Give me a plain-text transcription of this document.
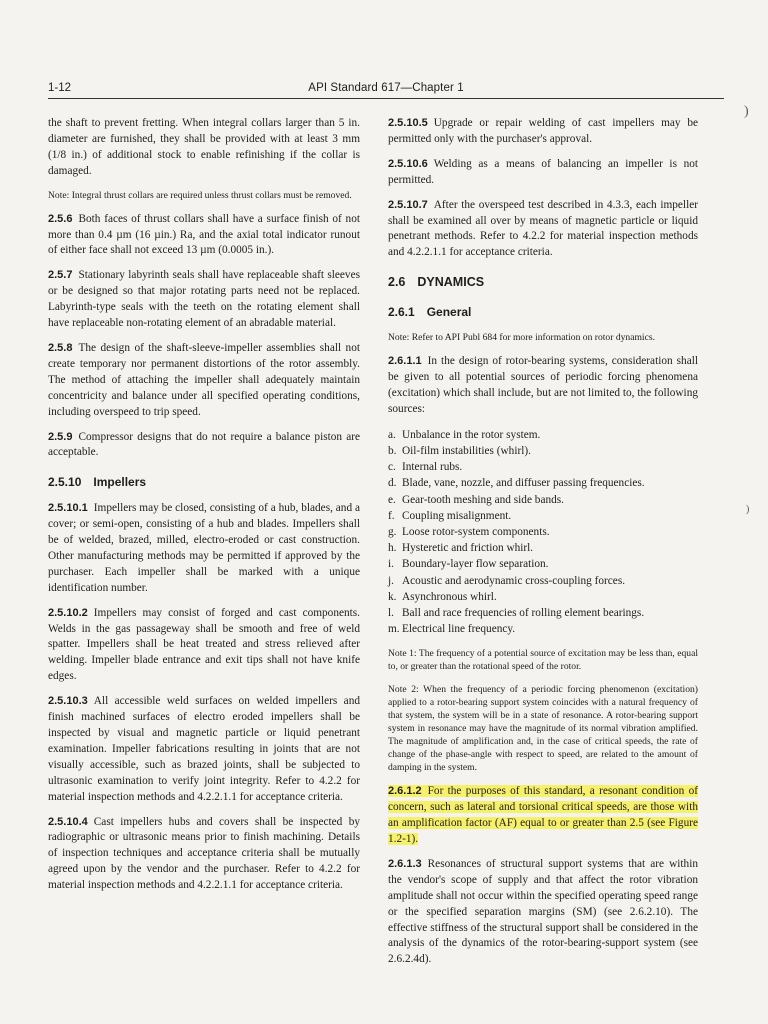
1-12	API Standard 617—Chapter 1

the shaft to prevent fretting. When integral collars larger than 5 in. diameter are furnished, they shall be provided with at least 3 mm (1/8 in.) of additional stock to enable refinishing if the collar is damaged.

Note: Integral thrust collars are required unless thrust collars must be removed.

2.5.6 Both faces of thrust collars shall have a surface finish of not more than 0.4 µm (16 µin.) Ra, and the axial total indicator runout of either face shall not exceed 13 µm (0.0005 in.).

2.5.7 Stationary labyrinth seals shall have replaceable shaft sleeves or be designed so that major rotating parts need not be replaced. Labyrinth-type seals with the teeth on the rotating element shall have replaceable non-rotating element of an abradable material.

2.5.8 The design of the shaft-sleeve-impeller assemblies shall not create temporary nor permanent distortions of the rotor assembly. The method of attaching the impeller shall adequately maintain concentricity and balance under all specified operating conditions, including overspeed to trip speed.

2.5.9 Compressor designs that do not require a balance piston are acceptable.

2.5.10 Impellers

2.5.10.1 Impellers may be closed, consisting of a hub, blades, and a cover; or semi-open, consisting of a hub and blades. Impellers shall be of welded, brazed, milled, electro-eroded or cast construction. Other manufacturing methods may be permitted if approved by the purchaser. Each impeller shall be marked with a unique identification number.

2.5.10.2 Impellers may consist of forged and cast components. Welds in the gas passageway shall be smooth and free of weld spatter. Impellers shall be heat treated and stress relieved after welding. Impeller blade entrance and exit tips shall not have knife edges.

2.5.10.3 All accessible weld surfaces on welded impellers and finish machined surfaces of electro eroded impellers shall be inspected by visual and magnetic particle or liquid penetrant examination. Impeller fabrications resulting in joints that are not visually accessible, such as brazed joints, shall be subjected to ultrasonic examination to verify joint integrity. Refer to 4.2.2 for material inspection methods and 4.2.2.1.1 for acceptance criteria.

2.5.10.4 Cast impellers hubs and covers shall be inspected by radiographic or ultrasonic means prior to finish machining. Details of inspection techniques and acceptance criteria shall be mutually agreed upon by the vendor and the purchaser. Refer to 4.2.2 for material inspection methods and 4.2.2.1.1 for acceptance criteria.

2.5.10.5 Upgrade or repair welding of cast impellers may be permitted only with the purchaser's approval.

2.5.10.6 Welding as a means of balancing an impeller is not permitted.

2.5.10.7 After the overspeed test described in 4.3.3, each impeller shall be examined all over by means of magnetic particle or liquid penetrant methods. Refer to 4.2.2 for material inspection methods and 4.2.2.1.1 for acceptance criteria.

2.6 DYNAMICS
2.6.1 General

Note: Refer to API Publ 684 for more information on rotor dynamics.

2.6.1.1 In the design of rotor-bearing systems, consideration shall be given to all potential sources of periodic forcing phenomena (excitation) which shall include, but are not limited to, the following sources:

a. Unbalance in the rotor system.
b. Oil-film instabilities (whirl).
c. Internal rubs.
d. Blade, vane, nozzle, and diffuser passing frequencies.
e. Gear-tooth meshing and side bands.
f. Coupling misalignment.
g. Loose rotor-system components.
h. Hysteretic and friction whirl.
i. Boundary-layer flow separation.
j. Acoustic and aerodynamic cross-coupling forces.
k. Asynchronous whirl.
l. Ball and race frequencies of rolling element bearings.
m. Electrical line frequency.

Note 1: The frequency of a potential source of excitation may be less than, equal to, or greater than the rotational speed of the rotor.

Note 2: When the frequency of a periodic forcing phenomenon (excitation) applied to a rotor-bearing support system coincides with a natural frequency of that system, the system will be in a state of resonance. A rotor-bearing support system in resonance may have the magnitude of its normal vibration amplified. The magnitude of amplification and, in the case of critical speeds, the rate of change of the phase-angle with respect to speed, are related to the amount of damping in the system.

2.6.1.2 For the purposes of this standard, a resonant condition of concern, such as lateral and torsional critical speeds, are those with an amplification factor (AF) equal to or greater than 2.5 (see Figure 1.2-1).

2.6.1.3 Resonances of structural support systems that are within the vendor's scope of supply and that affect the rotor vibration amplitude shall not occur within the specified operating speed range or the specified separation margins (SM) (see 2.6.2.10). The effective stiffness of the structural support shall be considered in the analysis of the dynamics of the rotor-bearing-support system (see 2.6.2.4d).

)
)
